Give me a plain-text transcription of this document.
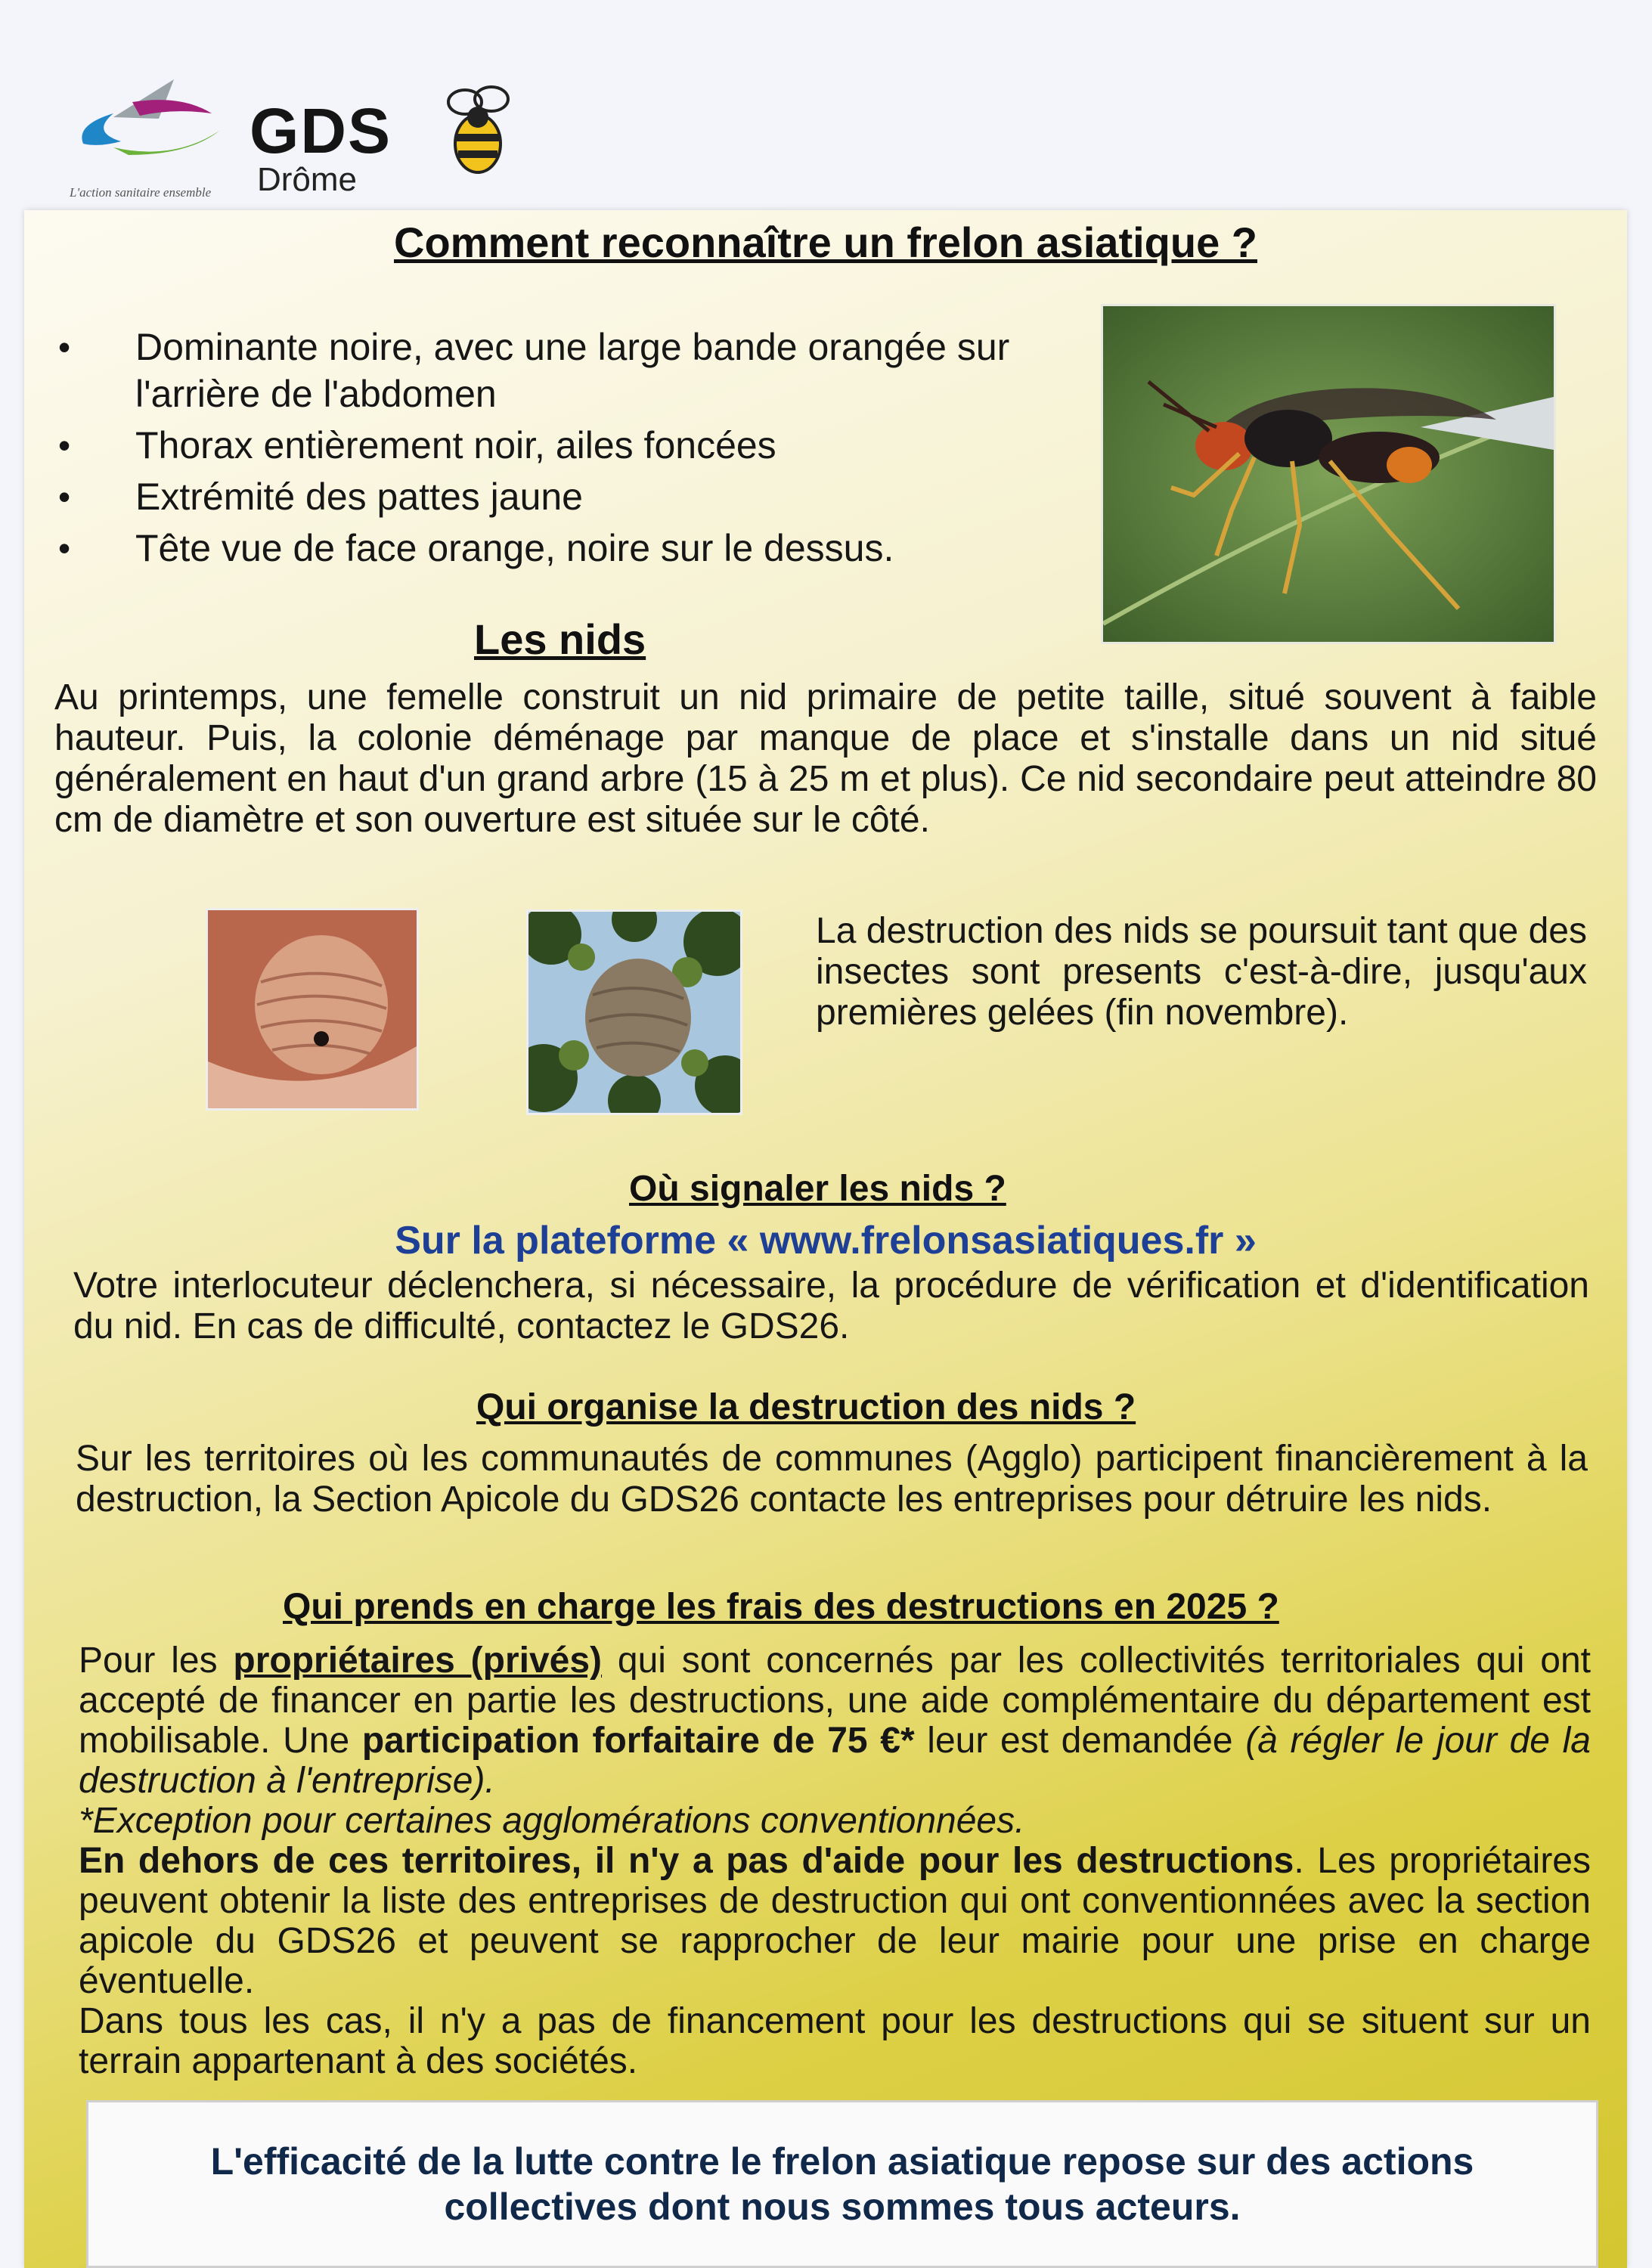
GDS
Drôme
L'action sanitaire ensemble
Comment reconnaître un frelon asiatique ?
• Dominante noire, avec une large bande orangée sur l'arrière de l'abdomen
• Thorax entièrement noir, ailes foncées
• Extrémité des pattes jaune
• Tête vue de face orange, noire sur le dessus.
Les nids

Au printemps, une femelle construit un nid primaire de petite taille, situé souvent à faible hauteur. Puis, la colonie déménage par manque de place et s'installe dans un nid situé généralement en haut d'un grand arbre (15 à 25 m et plus). Ce nid secondaire peut atteindre 80 cm de diamètre et son ouverture est située sur le côté.

La destruction des nids se poursuit tant que des insectes sont presents c'est-à-dire, jusqu'aux premières gelées (fin novembre).

Où signaler les nids ?
Sur la plateforme « www.frelonsasiatiques.fr »

Votre interlocuteur déclenchera, si nécessaire, la procédure de vérification et d'identification du nid. En cas de difficulté, contactez le GDS26.

Qui organise la destruction des nids ?

Sur les territoires où les communautés de communes (Agglo) participent financièrement à la destruction, la Section Apicole du GDS26 contacte les entreprises pour détruire les nids.

Qui prends en charge les frais des destructions en 2025 ?
Pour les propriétaires (privés) qui sont concernés par les collectivités territoriales qui ont accepté de financer en partie les destructions, une aide complémentaire du département est mobilisable. Une participation forfaitaire de 75 €* leur est demandée (à régler le jour de la destruction à l'entreprise).
*Exception pour certaines agglomérations conventionnées.
En dehors de ces territoires, il n'y a pas d'aide pour les destructions. Les propriétaires peuvent obtenir la liste des entreprises de destruction qui ont conventionnées avec la section apicole du GDS26 et peuvent se rapprocher de leur mairie pour une prise en charge éventuelle.
Dans tous les cas, il n'y a pas de financement pour les destructions qui se situent sur un terrain appartenant à des sociétés.
L'efficacité de la lutte contre le frelon asiatique repose sur des actions collectives dont nous sommes tous acteurs.
